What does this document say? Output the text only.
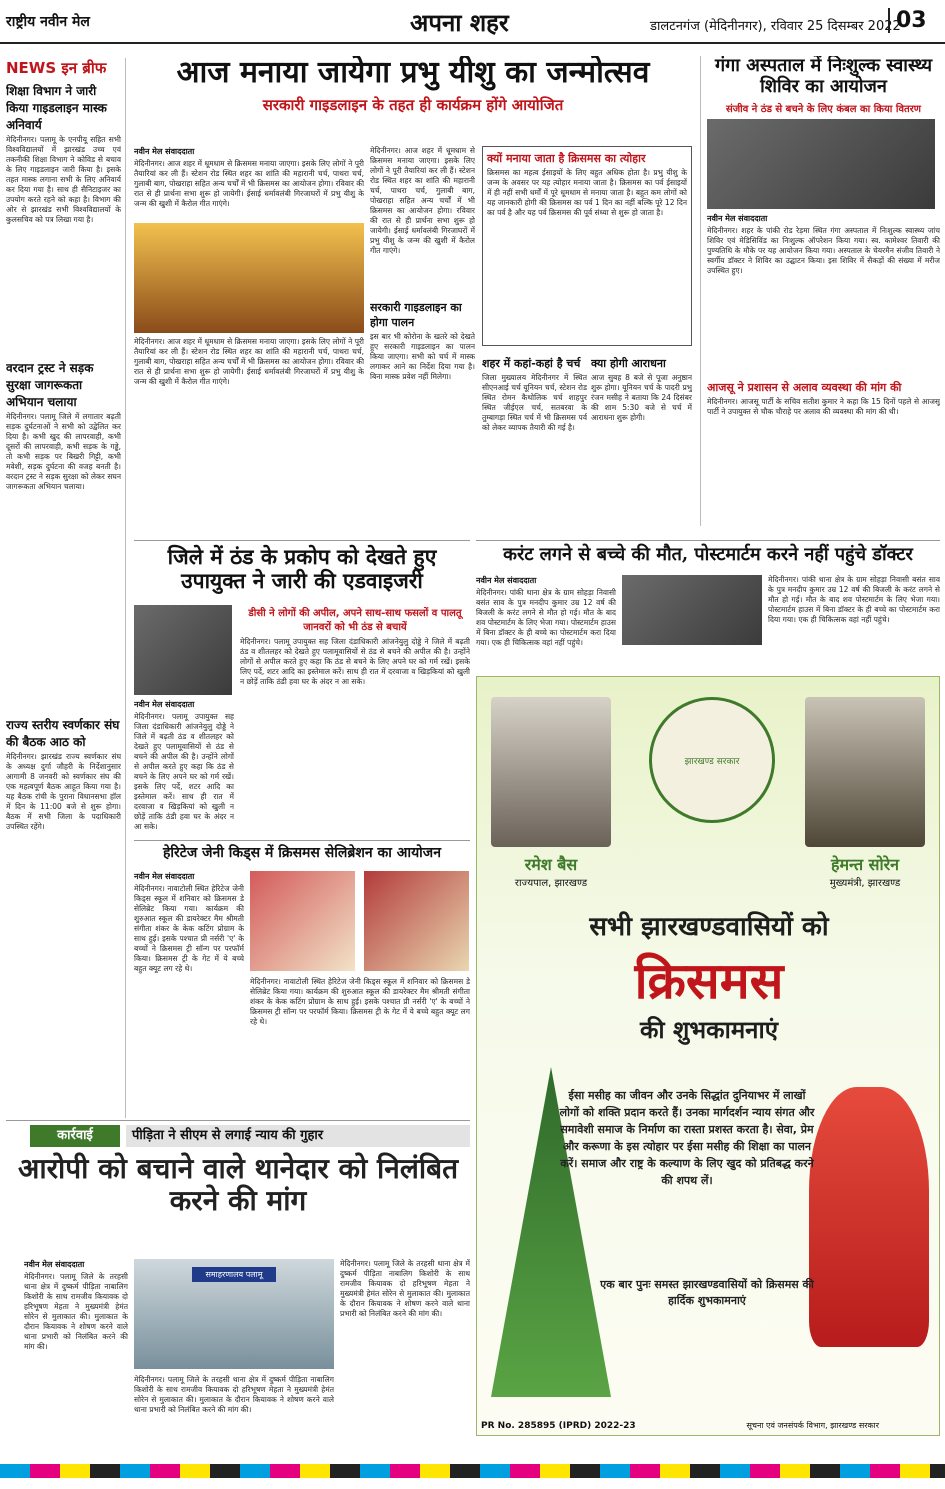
राष्ट्रीय नवीन मेल	अपना शहर	डालटनगंज (मेदिनीनगर), रविवार 25 दिसम्बर 2022
03
NEWS इन ब्रीफ
शिक्षा विभाग ने जारी किया गाइडलाइन मास्क अनिवार्य
मेदिनीनगर। पलामू के एनपीयू सहित सभी विश्वविद्यालयों में झारखंड उच्च एवं तकनीकी शिक्षा विभाग ने कोविड से बचाव के लिए गाइडलाइन जारी किया है। इसके तहत मास्क लगाना सभी के लिए अनिवार्य कर दिया गया है। साथ ही सैनिटाइजर का उपयोग करते रहने को कहा है। विभाग की ओर से झारखंड सभी विश्वविद्यालयों के कुलसचिव को पत्र लिखा गया है।
वरदान ट्रस्ट ने सड़क सुरक्षा जागरूकता अभियान चलाया
मेदिनीनगर। पलामू जिले में लगातार बढ़ती सड़क दुर्घटनाओं ने सभी को उद्वेलित कर दिया है। कभी खुद की लापरवाही, कभी दूसरों की लापरवाही, कभी सड़क के गड्ढे, तो कभी सड़क पर बिखरी गिट्टी, कभी मवेशी, सड़क दुर्घटना की वजह बनती है। वरदान ट्रस्ट ने सड़क सुरक्षा को लेकर सघन जागरूकता अभियान चलाया।
राज्य स्तरीय स्वर्णकार संघ की बैठक आठ को
मेदिनीनगर। झारखंड राज्य स्वर्णकार संघ के अध्यक्ष दुर्गा जौहरी के निर्देशानुसार आगामी 8 जनवरी को स्वर्णकार संघ की एक महत्वपूर्ण बैठक आहूत किया गया है। यह बैठक रांची के पुराना विधानसभा हॉल में दिन के 11:00 बजे से शुरू होगा। बैठक में सभी जिला के पदाधिकारी उपस्थित रहेंगे।
आज मनाया जायेगा प्रभु यीशु का जन्मोत्सव
सरकारी गाइडलाइन के तहत ही कार्यक्रम होंगे आयोजित
नवीन मेल संवाददाता
मेदिनीनगर। आज शहर में धूमधाम से क्रिसमस मनाया जाएगा। इसके लिए लोगों ने पूरी तैयारियां कर ली हैं। स्टेशन रोड स्थित शहर का शांति की महारानी चर्च, पाथरा चर्च, गुलाबी बाग, पोखराहा सहित अन्य चर्चों में भी क्रिसमस का आयोजन होगा। रविवार की रात से ही प्रार्थना सभा शुरू हो जायेगी। ईसाई धर्मावलंबी गिरजाघरों में प्रभु यीशु के जन्म की खुशी में कैरोल गीत गाएंगे।
मेदिनीनगर। आज शहर में धूमधाम से क्रिसमस मनाया जाएगा। इसके लिए लोगों ने पूरी तैयारियां कर ली हैं। स्टेशन रोड स्थित शहर का शांति की महारानी चर्च, पाथरा चर्च, गुलाबी बाग, पोखराहा सहित अन्य चर्चों में भी क्रिसमस का आयोजन होगा। रविवार की रात से ही प्रार्थना सभा शुरू हो जायेगी। ईसाई धर्मावलंबी गिरजाघरों में प्रभु यीशु के जन्म की खुशी में कैरोल गीत गाएंगे।
मेदिनीनगर। आज शहर में धूमधाम से क्रिसमस मनाया जाएगा। इसके लिए लोगों ने पूरी तैयारियां कर ली हैं। स्टेशन रोड स्थित शहर का शांति की महारानी चर्च, पाथरा चर्च, गुलाबी बाग, पोखराहा सहित अन्य चर्चों में भी क्रिसमस का आयोजन होगा। रविवार की रात से ही प्रार्थना सभा शुरू हो जायेगी। ईसाई धर्मावलंबी गिरजाघरों में प्रभु यीशु के जन्म की खुशी में कैरोल गीत गाएंगे।
सरकारी गाइडलाइन का होगा पालन
इस बार भी कोरोना के खतरे को देखते हुए सरकारी गाइडलाइन का पालन किया जाएगा। सभी को चर्च में मास्क लगाकर आने का निर्देश दिया गया है। बिना मास्क प्रवेश नहीं मिलेगा।
क्यों मनाया जाता है क्रिसमस का त्योहार
क्रिसमस का महत्व ईसाइयों के लिए बहुत अधिक होता है। प्रभु यीशु के जन्म के अवसर पर यह त्योहार मनाया जाता है। क्रिसमस का पर्व ईसाइयों में ही नहीं सभी धर्मों में पूरे धूमधाम से मनाया जाता है। बहुत कम लोगों को यह जानकारी होगी की क्रिसमस का पर्व 1 दिन का नहीं बल्कि पूरे 12 दिन का पर्व है और यह पर्व क्रिसमस की पूर्व संध्या से शुरू हो जाता है।
शहर में कहां-कहां है चर्च
जिला मुख्यालय मेदिनीनगर में स्थित सीएनआई चर्च यूनियन चर्च, स्टेशन रोड स्थित रोमन कैथोलिक चर्च शाहपुर स्थित जीईएल चर्च, सतबरवा के तुम्बागड़ा स्थित चर्च में भी क्रिसमस पर्व को लेकर व्यापक तैयारी की गई है।
क्या होगी आराधना
आज सुबह 8 बजे से पूजा अनुष्ठान शुरू होगा। यूनियन चर्च के पादरी प्रभु रंजन मसीह ने बताया कि 24 दिसंबर की शाम 5:30 बजे से चर्च में आराधना शुरू होगी।
गंगा अस्पताल में निःशुल्क स्वास्थ्य शिविर का आयोजन
संजीव ने ठंड से बचने के लिए कंबल का किया वितरण
नवीन मेल संवाददाता
मेदिनीनगर। शहर के पांकी रोड रेड़मा स्थित गंगा अस्पताल में निःशुल्क स्वास्थ्य जांच शिविर एवं मेडिसिविंड का निःशुल्क ऑपरेशन किया गया। स्व. कामेश्वर तिवारी की पुण्यतिथि के मौके पर यह आयोजन किया गया। अस्पताल के चेयरमैन संजीव तिवारी ने स्वर्गीय डॉक्टर ने शिविर का उद्घाटन किया। इस शिविर में सैकड़ों की संख्या में मरीज उपस्थित हुए।
आजसू ने प्रशासन से अलाव व्यवस्था की मांग की
मेदिनीनगर। आजसू पार्टी के सचिव सतीश कुमार ने कहा कि 15 दिनों पहले से आजसू पार्टी ने उपायुक्त से चौक चौराहे पर अलाव की व्यवस्था की मांग की थी।
जिले में ठंड के प्रकोप को देखते हुए उपायुक्त ने जारी की एडवाइजरी
नवीन मेल संवाददाता
मेदिनीनगर। पलामू उपायुक्त सह जिला दंडाधिकारी आंजनेयुलु दोड्डे ने जिले में बढ़ती ठंड व शीतलहर को देखते हुए पलामूवासियों से ठंड से बचने की अपील की है। उन्होंने लोगों से अपील करते हुए कहा कि ठंड से बचने के लिए अपने घर को गर्म रखें। इसके लिए पर्दे, शटर आदि का इस्तेमाल करें। साथ ही रात में दरवाजा व खिड़कियां को खुली न छोड़ें ताकि ठंडी हवा घर के अंदर न आ सके।
डीसी ने लोगों की अपील, अपने साथ-साथ फसलों व पालतू जानवरों को भी ठंड से बचायें
मेदिनीनगर। पलामू उपायुक्त सह जिला दंडाधिकारी आंजनेयुलु दोड्डे ने जिले में बढ़ती ठंड व शीतलहर को देखते हुए पलामूवासियों से ठंड से बचने की अपील की है। उन्होंने लोगों से अपील करते हुए कहा कि ठंड से बचने के लिए अपने घर को गर्म रखें। इसके लिए पर्दे, शटर आदि का इस्तेमाल करें। साथ ही रात में दरवाजा व खिड़कियां को खुली न छोड़ें ताकि ठंडी हवा घर के अंदर न आ सके।
हेरिटेज जेनी किड्स में क्रिसमस सेलिब्रेशन का आयोजन
नवीन मेल संवाददाता
मेदिनीनगर। नावाटोली स्थित हेरिटेज जेनी किड्स स्कूल में शनिवार को क्रिसमस डे सेलिब्रेट किया गया। कार्यक्रम की शुरुआत स्कूल की डायरेक्टर मैम श्रीमती संगीता शंकर के केक कटिंग प्रोग्राम के साथ हुई। इसके पश्चात प्री नर्सरी 'ए' के बच्चों ने क्रिसमस ट्री सॉन्ग पर परफॉर्म किया। क्रिसमस ट्री के गेट में ये बच्चे बहुत क्यूट लग रहे थे।

मेदिनीनगर। नावाटोली स्थित हेरिटेज जेनी किड्स स्कूल में शनिवार को क्रिसमस डे सेलिब्रेट किया गया। कार्यक्रम की शुरुआत स्कूल की डायरेक्टर मैम श्रीमती संगीता शंकर के केक कटिंग प्रोग्राम के साथ हुई। इसके पश्चात प्री नर्सरी 'ए' के बच्चों ने क्रिसमस ट्री सॉन्ग पर परफॉर्म किया। क्रिसमस ट्री के गेट में ये बच्चे बहुत क्यूट लग रहे थे।
करंट लगने से बच्चे की मौत, पोस्टमार्टम करने नहीं पहुंचे डॉक्टर
नवीन मेल संवाददाता
मेदिनीनगर। पांकी थाना क्षेत्र के ग्राम सोहड़ा निवासी बसंत साव के पुत्र मनदीप कुमार उम्र 12 वर्ष की बिजली के करंट लगने से मौत हो गई। मौत के बाद शव पोस्टमार्टम के लिए भेजा गया। पोस्टमार्टम हाउस में बिना डॉक्टर के ही बच्चे का पोस्टमार्टम करा दिया गया। एक ही चिकित्सक वहां नहीं पहुंचे।
मेदिनीनगर। पांकी थाना क्षेत्र के ग्राम सोहड़ा निवासी बसंत साव के पुत्र मनदीप कुमार उम्र 12 वर्ष की बिजली के करंट लगने से मौत हो गई। मौत के बाद शव पोस्टमार्टम के लिए भेजा गया। पोस्टमार्टम हाउस में बिना डॉक्टर के ही बच्चे का पोस्टमार्टम करा दिया गया। एक ही चिकित्सक वहां नहीं पहुंचे।
झारखण्ड सरकार
रमेश बैस
राज्यपाल, झारखण्ड
हेमन्त सोरेन
मुख्यमंत्री, झारखण्ड
सभी झारखण्डवासियों को
क्रिसमस
की शुभकामनाएं
ईसा मसीह का जीवन और उनके सिद्धांत दुनियाभर में लाखों लोगों को शक्ति प्रदान करते हैं। उनका मार्गदर्शन न्याय संगत और समावेशी समाज के निर्माण का रास्ता प्रशस्त करता है। सेवा, प्रेम और करूणा के इस त्योहार पर ईसा मसीह की शिक्षा का पालन करें। समाज और राष्ट्र के कल्याण के लिए खुद को प्रतिबद्ध करने की शपथ लें।
एक बार पुनः समस्त झारखण्डवासियों को क्रिसमस की हार्दिक शुभकामनाएं
PR No. 285895 (IPRD) 2022-23	सूचना एवं जनसंपर्क विभाग, झारखण्ड सरकार
कार्रवाई	पीड़िता ने सीएम से लगाई न्याय की गुहार
आरोपी को बचाने वाले थानेदार को निलंबित करने की मांग
नवीन मेल संवाददाता
मेदिनीनगर। पलामू जिले के तरहसी थाना क्षेत्र में दुष्कर्म पीड़िता नाबालिग किशोरी के साथ रामजीव कियावक दो हरिभूषण मेहता ने मुख्यमंत्री हेमंत सोरेन से मुलाकात की। मुलाकात के दौरान कियावक ने शोषण करने वाले थाना प्रभारी को निलंबित करने की मांग की।
समाहरणालय पलामू
मेदिनीनगर। पलामू जिले के तरहसी थाना क्षेत्र में दुष्कर्म पीड़िता नाबालिग किशोरी के साथ रामजीव कियावक दो हरिभूषण मेहता ने मुख्यमंत्री हेमंत सोरेन से मुलाकात की। मुलाकात के दौरान कियावक ने शोषण करने वाले थाना प्रभारी को निलंबित करने की मांग की।
मेदिनीनगर। पलामू जिले के तरहसी थाना क्षेत्र में दुष्कर्म पीड़िता नाबालिग किशोरी के साथ रामजीव कियावक दो हरिभूषण मेहता ने मुख्यमंत्री हेमंत सोरेन से मुलाकात की। मुलाकात के दौरान कियावक ने शोषण करने वाले थाना प्रभारी को निलंबित करने की मांग की।
